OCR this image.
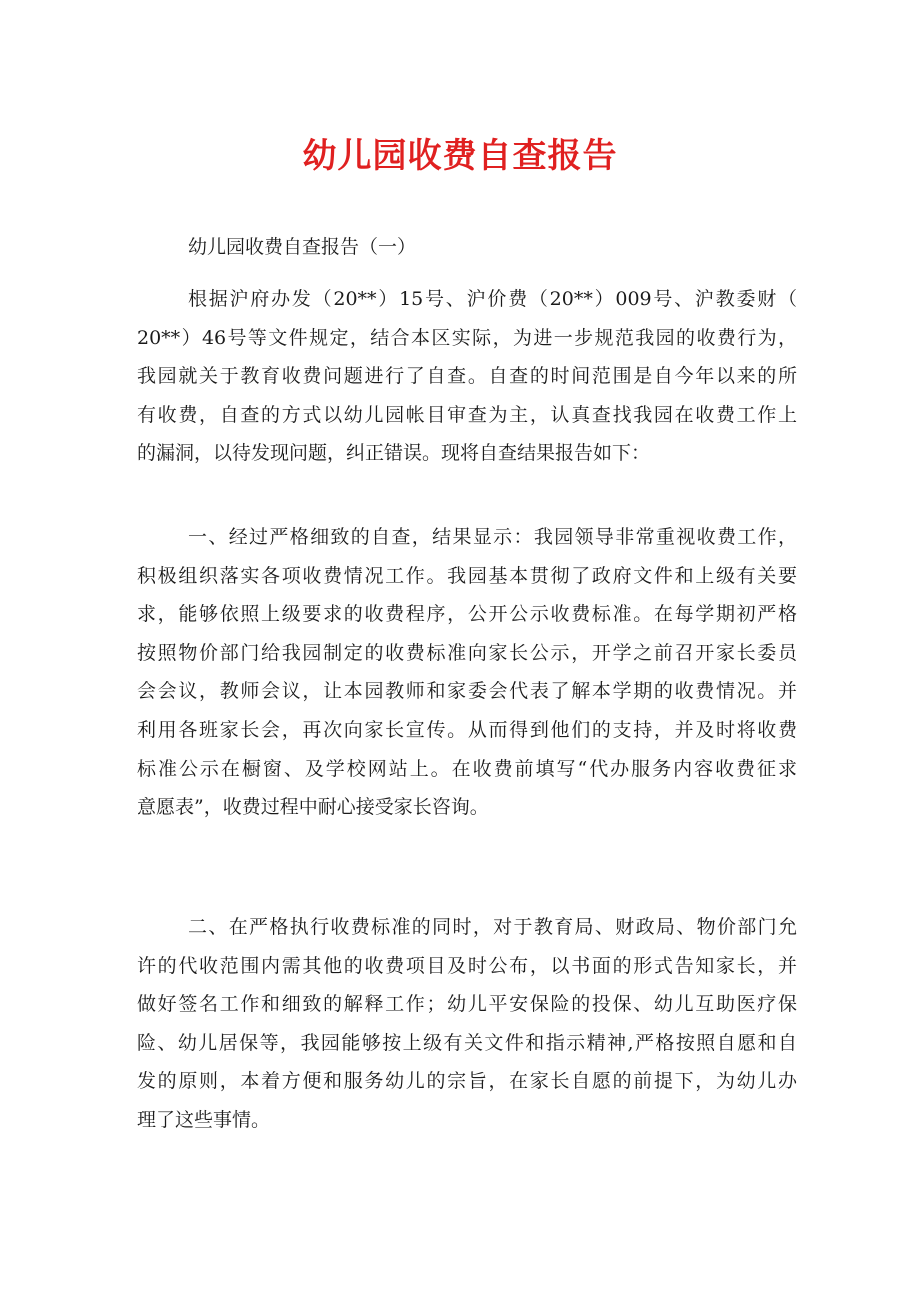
幼儿园收费自查报告

幼儿园收费自查报告（一）

根据沪府办发（20**）15号、沪价费（20**）009号、沪教委财（
20**）46号等文件规定，结合本区实际，为进一步规范我园的收费行为，
我园就关于教育收费问题进行了自查。自查的时间范围是自今年以来的所
有收费，自查的方式以幼儿园帐目审查为主，认真查找我园在收费工作上
的漏洞，以待发现问题，纠正错误。现将自查结果报告如下：
一、经过严格细致的自查，结果显示：我园领导非常重视收费工作，
积极组织落实各项收费情况工作。我园基本贯彻了政府文件和上级有关要
求，能够依照上级要求的收费程序，公开公示收费标准。在每学期初严格
按照物价部门给我园制定的收费标准向家长公示，开学之前召开家长委员
会会议，教师会议，让本园教师和家委会代表了解本学期的收费情况。并
利用各班家长会，再次向家长宣传。从而得到他们的支持，并及时将收费
标准公示在橱窗、及学校网站上。在收费前填写“代办服务内容收费征求
意愿表”，收费过程中耐心接受家长咨询。
二、在严格执行收费标准的同时，对于教育局、财政局、物价部门允
许的代收范围内需其他的收费项目及时公布，以书面的形式告知家长，并
做好签名工作和细致的解释工作；幼儿平安保险的投保、幼儿互助医疗保
险、幼儿居保等，我园能够按上级有关文件和指示精神,严格按照自愿和自
发的原则，本着方便和服务幼儿的宗旨，在家长自愿的前提下，为幼儿办
理了这些事情。
